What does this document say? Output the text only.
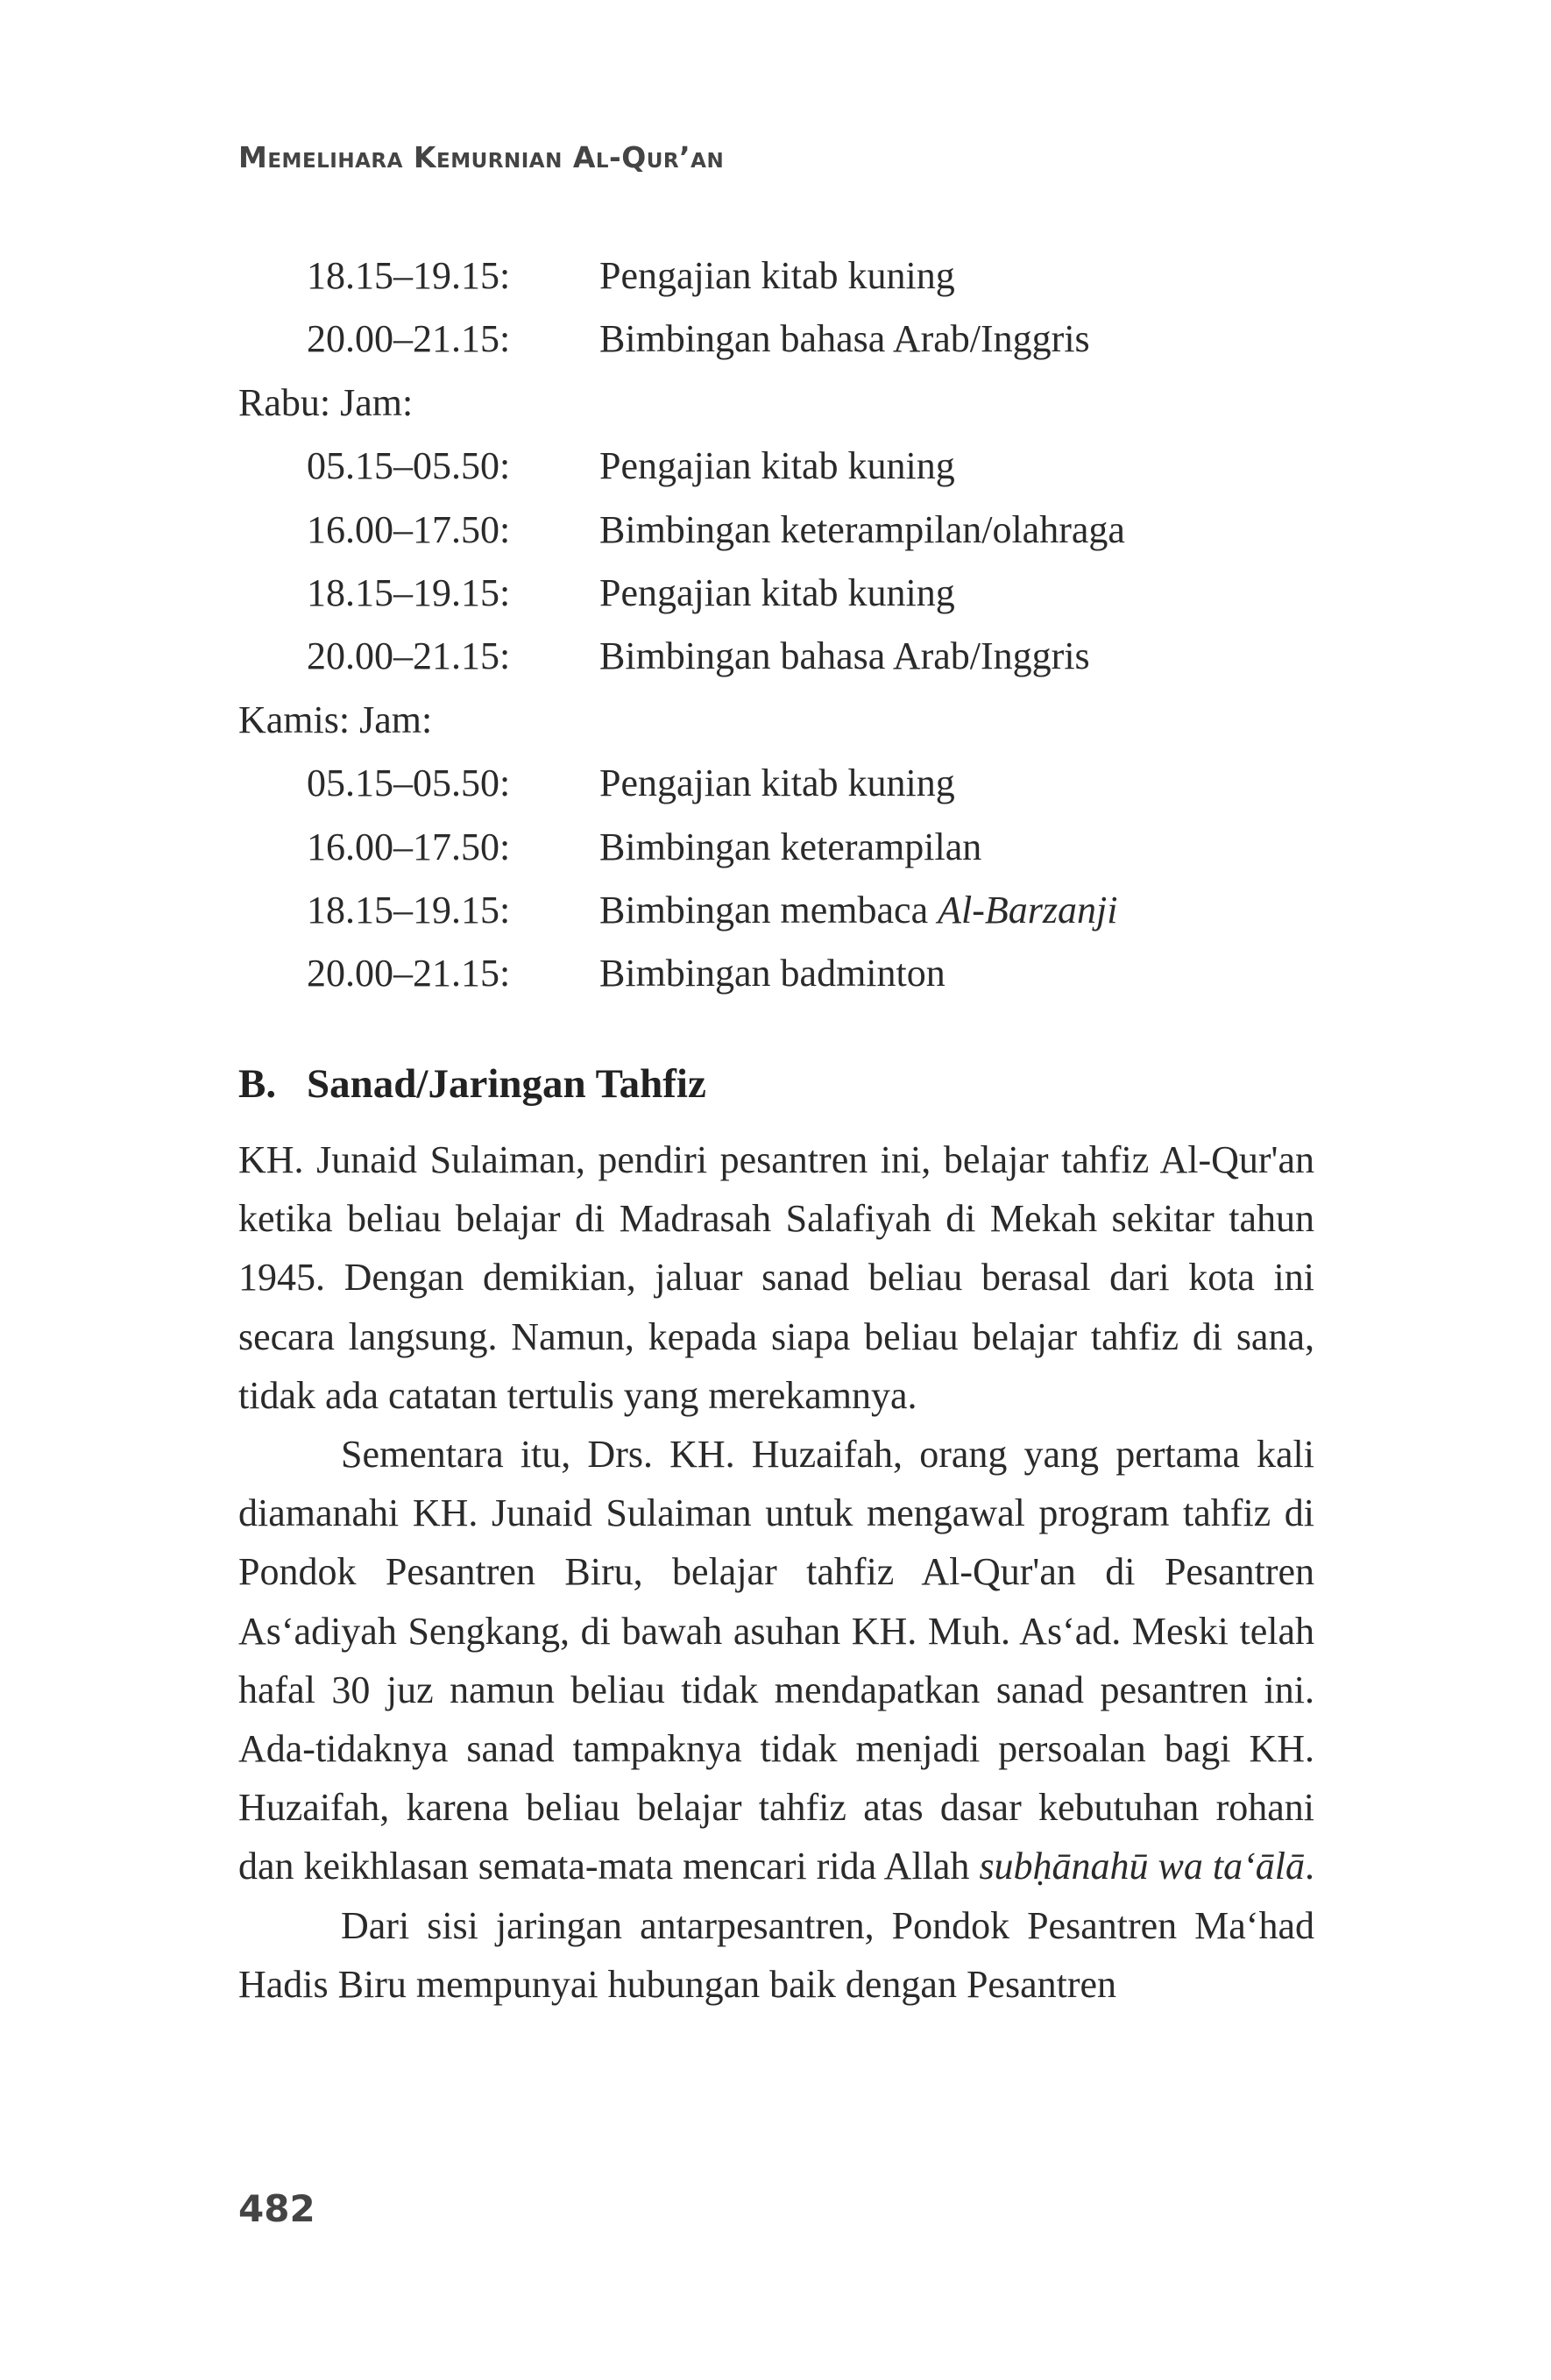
Memelihara Kemurnian Al-Qur’an
18.15–19.15: Pengajian kitab kuning
20.00–21.15: Bimbingan bahasa Arab/Inggris
Rabu: Jam:
05.15–05.50: Pengajian kitab kuning
16.00–17.50: Bimbingan keterampilan/olahraga
18.15–19.15: Pengajian kitab kuning
20.00–21.15: Bimbingan bahasa Arab/Inggris
Kamis: Jam:
05.15–05.50: Pengajian kitab kuning
16.00–17.50: Bimbingan keterampilan
18.15–19.15: Bimbingan membaca Al-Barzanji
20.00–21.15: Bimbingan badminton
B. Sanad/Jaringan Tahfiz

KH. Junaid Sulaiman, pendiri pesantren ini, belajar tahfiz Al-Qur'an ketika beliau belajar di Madrasah Salafiyah di Mekah sekitar tahun 1945. Dengan demikian, jaluar sanad beliau berasal dari kota ini secara langsung. Namun, kepada siapa beliau belajar tahfiz di sana, tidak ada catatan tertulis yang merekamnya.

Sementara itu, Drs. KH. Huzaifah, orang yang pertama kali diamanahi KH. Junaid Sulaiman untuk mengawal program tahfiz di Pondok Pesantren Biru, belajar tahfiz Al-Qur'an di Pesantren As‘adiyah Sengkang, di bawah asuhan KH. Muh. As‘ad. Meski telah hafal 30 juz namun beliau tidak mendapatkan sanad pesantren ini. Ada-tidaknya sanad tampaknya tidak menjadi persoalan bagi KH. Huzaifah, karena beliau belajar tahfiz atas dasar kebutuhan rohani dan keikhlasan semata-mata mencari rida Allah subḥānahū wa ta‘ālā.

Dari sisi jaringan antarpesantren, Pondok Pesantren Ma‘had Hadis Biru mempunyai hubungan baik dengan Pesantren

482
